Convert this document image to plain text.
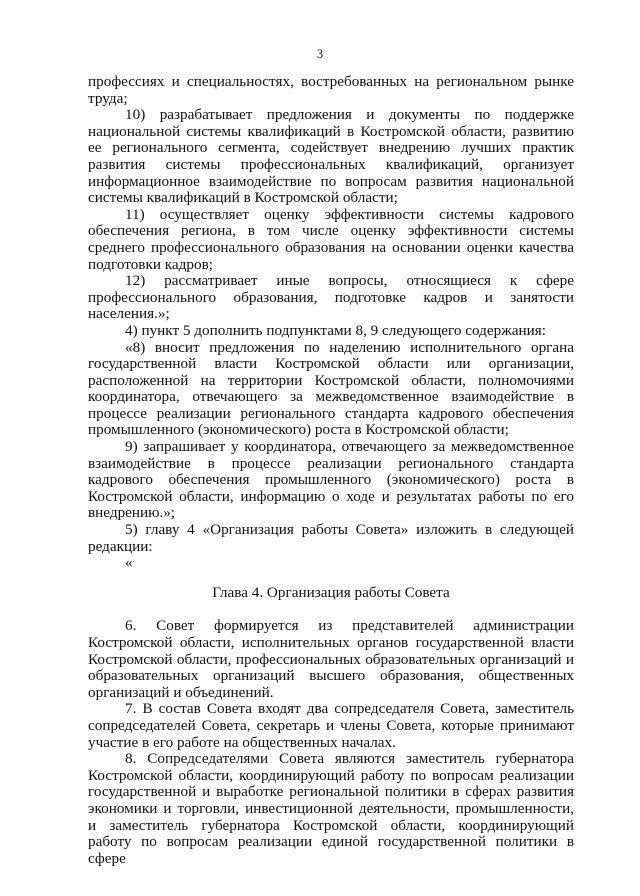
3

профессиях и специальностях, востребованных на региональном рынке труда;

10) разрабатывает предложения и документы по поддержке национальной системы квалификаций в Костромской области, развитию ее регионального сегмента, содействует внедрению лучших практик развития системы профессиональных квалификаций, организует информационное взаимодействие по вопросам развития национальной системы квалификаций в Костромской области;

11) осуществляет оценку эффективности системы кадрового обеспечения региона, в том числе оценку эффективности системы среднего профессионального образования на основании оценки качества подготовки кадров;

12) рассматривает иные вопросы, относящиеся к сфере профессионального образования, подготовке кадров и занятости населения.»;

4) пункт 5 дополнить подпунктами 8, 9 следующего содержания:

«8) вносит предложения по наделению исполнительного органа государственной власти Костромской области или организации, расположенной на территории Костромской области, полномочиями координатора, отвечающего за межведомственное взаимодействие в процессе реализации регионального стандарта кадрового обеспечения промышленного (экономического) роста в Костромской области;

9) запрашивает у координатора, отвечающего за межведомственное взаимодействие в процессе реализации регионального стандарта кадрового обеспечения промышленного (экономического) роста в Костромской области, информацию о ходе и результатах работы по его внедрению.»;

5) главу 4 «Организация работы Совета» изложить в следующей редакции:

«

Глава 4. Организация работы Совета

6. Совет формируется из представителей администрации Костромской области, исполнительных органов государственной власти Костромской области, профессиональных образовательных организаций и образовательных организаций высшего образования, общественных организаций и объединений.

7. В состав Совета входят два сопредседателя Совета, заместитель сопредседателей Совета, секретарь и члены Совета, которые принимают участие в его работе на общественных началах.

8. Сопредседателями Совета являются заместитель губернатора Костромской области, координирующий работу по вопросам реализации государственной и выработке региональной политики в сферах развития экономики и торговли, инвестиционной деятельности, промышленности, и заместитель губернатора Костромской области, координирующий работу по вопросам реализации единой государственной политики в сфере
